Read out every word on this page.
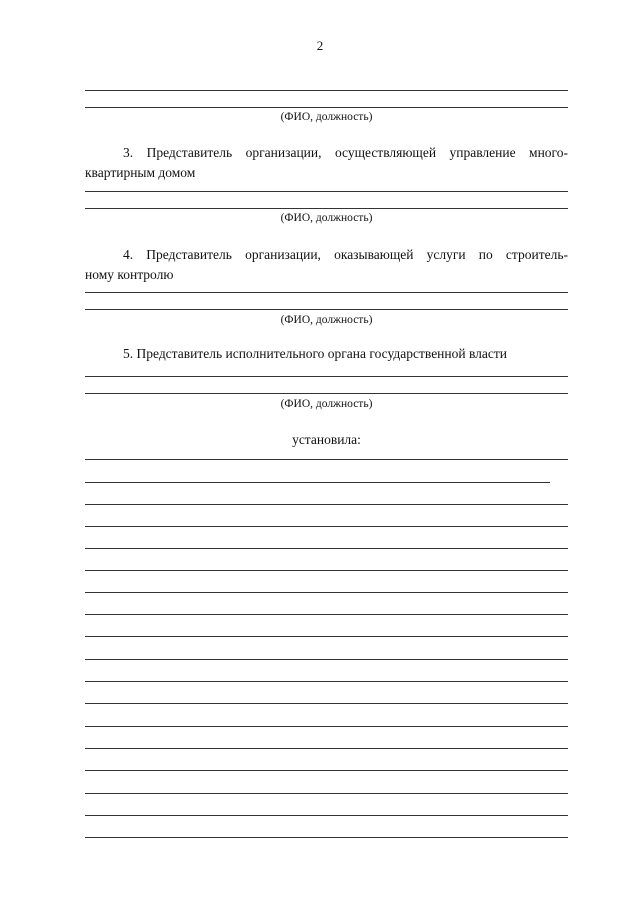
2
(ФИО, должность)
3. Представитель организации, осуществляющей управление много-
квартирным домом
(ФИО, должность)
4. Представитель организации, оказывающей услуги по строитель-
ному контролю
(ФИО, должность)
5. Представитель исполнительного органа государственной власти
(ФИО, должность)
установила:
